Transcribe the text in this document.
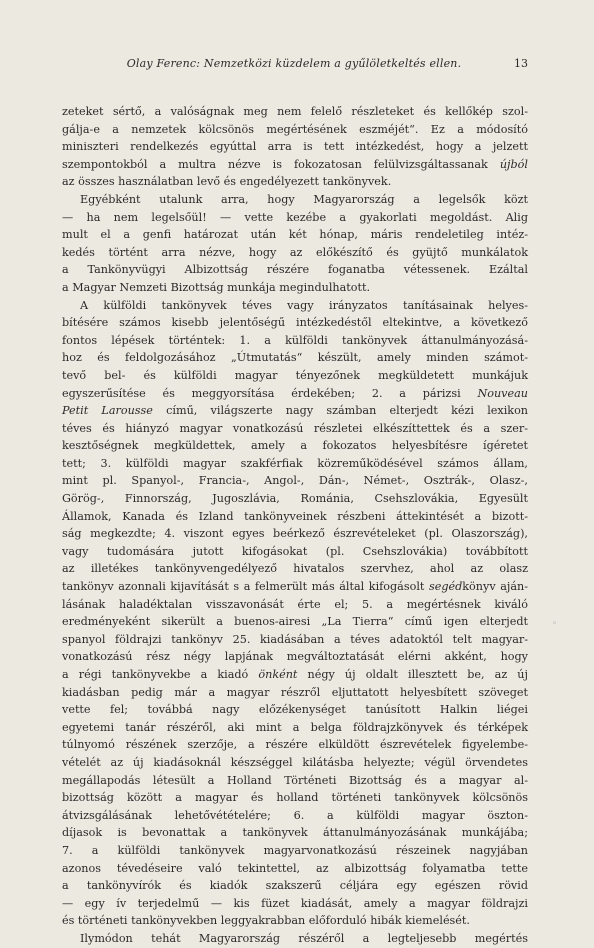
Olay Ferenc: Nemzetközi küzdelem a gyűlöletkeltés ellen.	13

zeteket sértő, a valóságnak meg nem felelő részleteket és kellőkép szol-

gálja-e a nemzetek kölcsönös megértésének eszméjét“. Ez a módosító

miniszteri rendelkezés egyúttal arra is tett intézkedést, hogy a jelzett

szempontokból a multra nézve is fokozatosan felülvizsgáltassanak újból

az összes használatban levő és engedélyezett tankönyvek.

Egyébként utalunk arra, hogy Magyarország a legelsők közt

— ha nem legelsőül! — vette kezébe a gyakorlati megoldást. Alig

mult el a genfi határozat után két hónap, máris rendeletileg intéz-

kedés történt arra nézve, hogy az előkészítő és gyüjtő munkálatok

a Tankönyvügyi Albizottság részére foganatba vétessenek. Ezáltal

a Magyar Nemzeti Bizottság munkája megindulhatott.

A külföldi tankönyvek téves vagy irányzatos tanításainak helyes-

bítésére számos kisebb jelentőségű intézkedéstől eltekintve, a következő

fontos lépések történtek: 1. a külföldi tankönyvek áttanulmányozásá-

hoz és feldolgozásához „Útmutatás“ készült, amely minden számot-

tevő bel- és külföldi magyar tényezőnek megküldetett munkájuk

egyszerűsítése és meggyorsítása érdekében; 2. a párizsi Nouveau

Petit Larousse című, világszerte nagy számban elterjedt kézi lexikon

téves és hiányzó magyar vonatkozású részletei elkészíttettek és a szer-

kesztőségnek megküldettek, amely a fokozatos helyesbítésre ígéretet

tett; 3. külföldi magyar szakférfiak közreműködésével számos állam,

mint pl. Spanyol-, Francia-, Angol-, Dán-, Német-, Osztrák-, Olasz-,

Görög-, Finnország, Jugoszlávia, Románia, Csehszlovákia, Egyesült

Államok, Kanada és Izland tankönyveinek részbeni áttekintését a bizott-

ság megkezdte; 4. viszont egyes beérkező észrevételeket (pl. Olaszország),

vagy tudomásárа jutott kifogásokat (pl. Csehszlovákia) továbbított

az illetékes tankönyvengedélyező hivatalos szervhez, ahol az olasz

tankönyv azonnali kijavítását s a felmerült más által kifogásolt segédkönyv aján-

lásának haladéktalan visszavonását érte el; 5. a megértésnek kiváló

eredményeként sikerült a buenos-airesi „La Tierra“ című igen elterjedt

spanyol földrajzi tankönyv 25. kiadásában a téves adatoktól telt magyar-

vonatkozású rész négy lapjának megváltoztatását elérni akként, hogy

a régi tankönyvekbe a kiadó önként négy új oldalt illesztett be, az új

kiadásban pedig már a magyar részről eljuttatott helyesbített szöveget

vette fel; továbbá nagy előzékenységet tanúsított Halkin liégei

egyetemi tanár részéről, aki mint a belga földrajzkönyvek és térképek

túlnyomó részének szerzője, a részére elküldött észrevételek figyelembe-

vételét az új kiadásoknál készséggel kilátásba helyezte; végül örvendetes

megállapodás létesült a Holland Történeti Bizottság és a magyar al-

bizottság között a magyar és holland történeti tankönyvek kölcsönös

átvizsgálásának lehetővétételére; 6. a külföldi magyar öszton-

díjasok is bevonattak a tankönyvek áttanulmányozásának munkájába;

7. a külföldi tankönyvek magyarvonatkozású részeinek nagyjában

azonos tévedéseire való tekintettel, az albizottság folyamatba tette

a tankönyvírók és kiadók szakszerű céljára egy egészen rövid

— egy ív terjedelmű — kis füzet kiadását, amely a magyar földrajzi

és történeti tankönyvekben leggyakrabban előforduló hibák kiemelését.

Ilymódon tehát Magyarország részéről a legteljesebb megértés

◦
